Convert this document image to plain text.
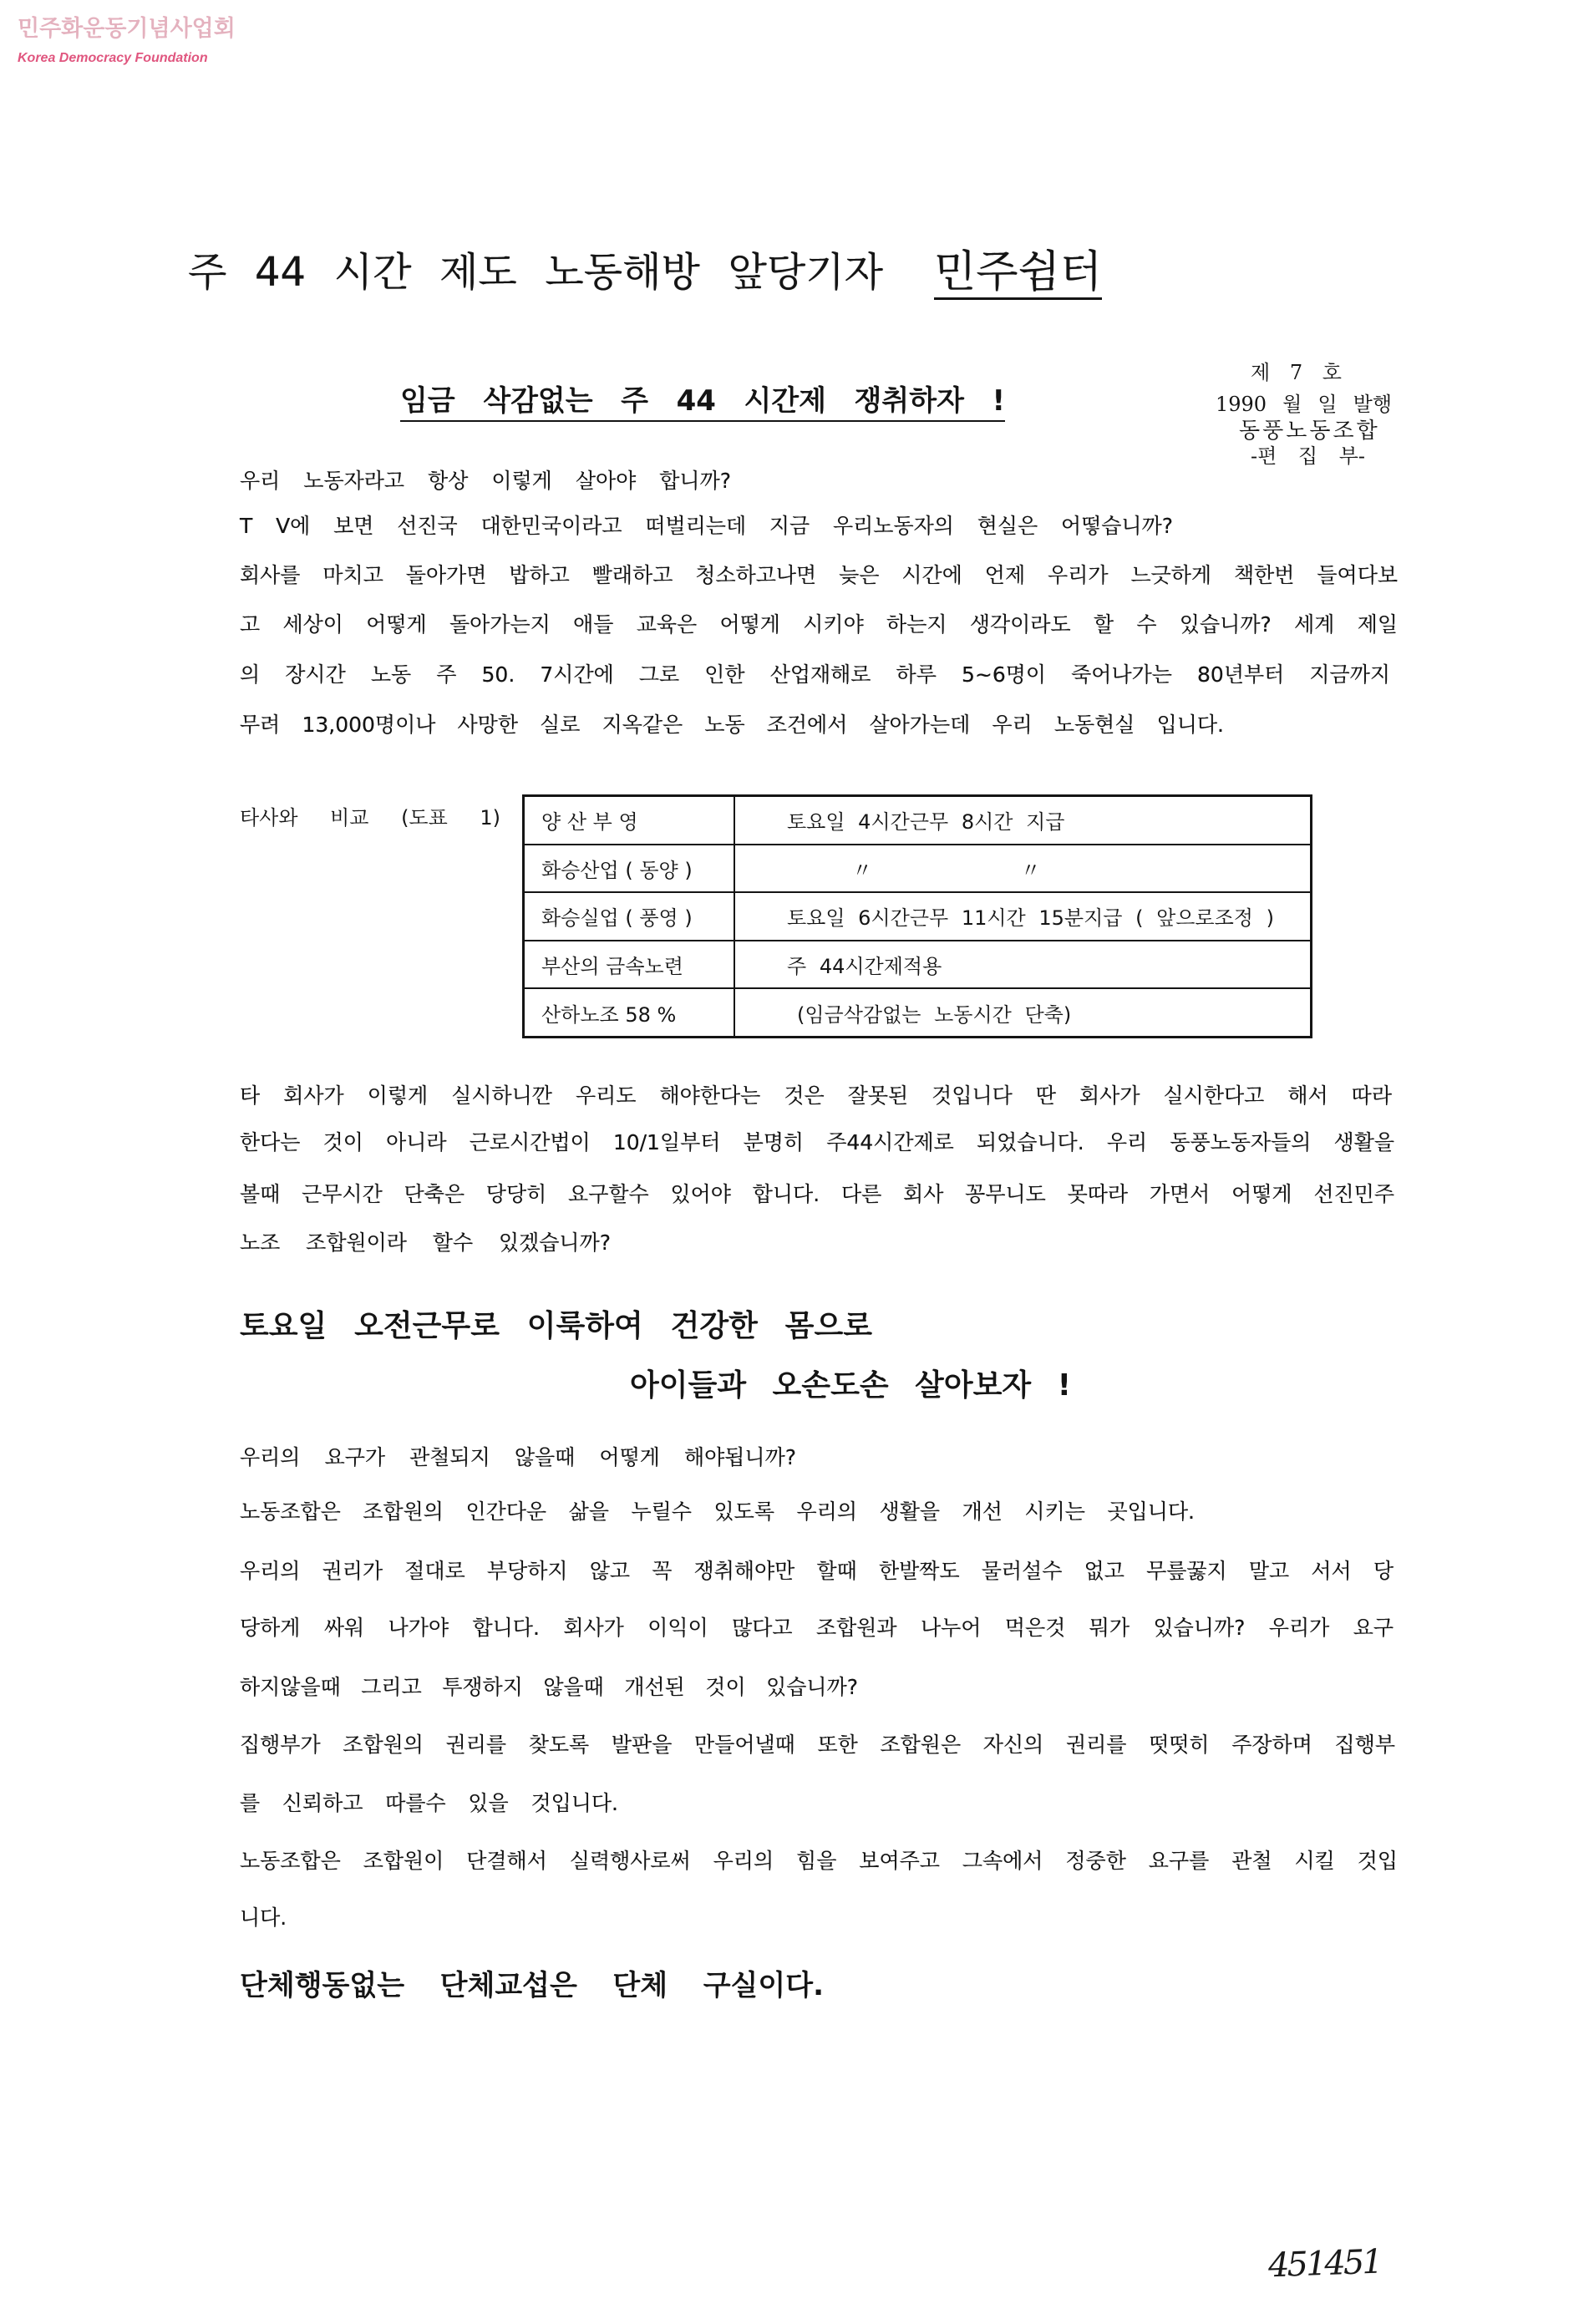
민주화운동기념사업회
Korea Democracy Foundation
주 44 시간 제도 노동해방 앞당기자 민주쉼터
제 7 호
1990 월 일 발행
동풍노동조합
-편 집 부-
임금 삭감없는 주 44 시간제 쟁취하자 !
우리 노동자라고 항상 이렇게 살아야 합니까?
T V에 보면 선진국 대한민국이라고 떠벌리는데 지금 우리노동자의 현실은 어떻습니까?
회사를 마치고 돌아가면 밥하고 빨래하고 청소하고나면 늦은 시간에 언제 우리가 느긋하게 책한번 들여다보
고 세상이 어떻게 돌아가는지 애들 교육은 어떻게 시키야 하는지 생각이라도 할 수 있습니까? 세계 제일
의 장시간 노동 주 50. 7시간에 그로 인한 산업재해로 하루 5~6명이 죽어나가는 80년부터 지금까지
무려 13,000명이나 사망한 실로 지옥같은 노동 조건에서 살아가는데 우리 노동현실 입니다.
타사와 비교 (도표 1)	양 산 부 영	토요일 4시간근무 8시간 지급
화승산업 ( 동양 )	〃 〃
화승실업 ( 풍영 )	토요일 6시간근무 11시간 15분지급 ( 앞으로조정 )
부산의 금속노련	주 44시간제적용
산하노조 58 %	(임금삭감없는 노동시간 단축)
타 회사가 이렇게 실시하니깐 우리도 해야한다는 것은 잘못된 것입니다 딴 회사가 실시한다고 해서 따라
한다는 것이 아니라 근로시간법이 10/1일부터 분명히 주44시간제로 되었습니다. 우리 동풍노동자들의 생활을
볼때 근무시간 단축은 당당히 요구할수 있어야 합니다. 다른 회사 꽁무니도 못따라 가면서 어떻게 선진민주
노조 조합원이라 할수 있겠습니까?
토요일 오전근무로 이룩하여 건강한 몸으로
아이들과 오손도손 살아보자 !
우리의 요구가 관철되지 않을때 어떻게 해야됩니까?
노동조합은 조합원의 인간다운 삶을 누릴수 있도록 우리의 생활을 개선 시키는 곳입니다.
우리의 권리가 절대로 부당하지 않고 꼭 쟁취해야만 할때 한발짝도 물러설수 없고 무릎꿇지 말고 서서 당
당하게 싸워 나가야 합니다. 회사가 이익이 많다고 조합원과 나누어 먹은것 뭐가 있습니까? 우리가 요구
하지않을때 그리고 투쟁하지 않을때 개선된 것이 있습니까?
집행부가 조합원의 권리를 찾도록 발판을 만들어낼때 또한 조합원은 자신의 권리를 떳떳히 주장하며 집행부
를 신뢰하고 따를수 있을 것입니다.
노동조합은 조합원이 단결해서 실력행사로써 우리의 힘을 보여주고 그속에서 정중한 요구를 관철 시킬 것입
니다.
단체행동없는 단체교섭은 단체 구실이다.
451451
